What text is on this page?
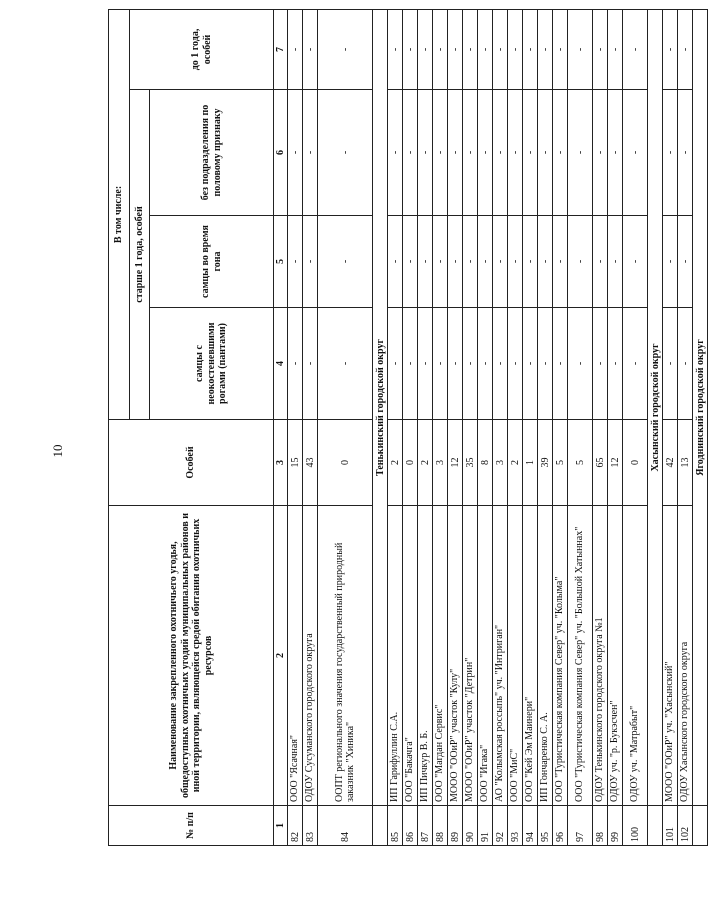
10
№ п/п	Наименование закрепленного охотничьего угодья, общедоступных охотничьих угодий муниципальных районов и иной территории, являющейся средой обитания охотничьих ресурсов	Особей	В том числе:			
			старше 1 года, особей			до 1 года, особей
			самцы с неокостеневшими рогами (пантами)	самцы во время гона	без подразделения по половому признаку	
1	2	3	4	5	6	7
82	ООО "Ясачная"	15	-	-	-	-
83	ОДОУ Сусуманского городского округа	43	-	-	-	-
84	ООПТ регионального значения государственный природный заказник "Хиника"	0	-	-	-	-
	Тенькинский городской округ					
85	ИП Гарифуллин С.А.	2	-	-	-	-
86	ООО "Бакачга"	0	-	-	-	-
87	ИП Пичкур В. Б.	2	-	-	-	-
88	ООО "Магдан Сервис"	3	-	-	-	-
89	МООО "ООиР" участок "Кулу"	12	-	-	-	-
90	МООО "ООиР" участок "Детрин"	35	-	-	-	-
91	ООО "Игака"	8	-	-	-	-
92	АО "Колымская россыпь" уч. "Интриган"	3	-	-	-	-
93	ООО "МиС"	2	-	-	-	-
94	ООО "Кей Эм Маинери"	1	-	-	-	-
95	ИП Гончаренко С. А.	39	-	-	-	-
96	ООО "Туристическая компания Север" уч. "Колыма"	5	-	-	-	-
97	ООО "Туристическая компания Север" уч. "Большой Хатыннах"	5	-	-	-	-
98	ОДОУ Тенькинского городского округа №1	65	-	-	-	-
99	ОДОУ уч. "р. Букэсчен"	12	-	-	-	-
100	ОДОУ уч. "Матрабыт"	0	-	-	-	-
	Хасынский городской округ					
101	МООО "ООиР" уч. "Хасынский"	42	-	-	-	-
102	ОДОУ Хасынского городского округа	13	-	-	-	-
	Ягоднинский городской округ					
